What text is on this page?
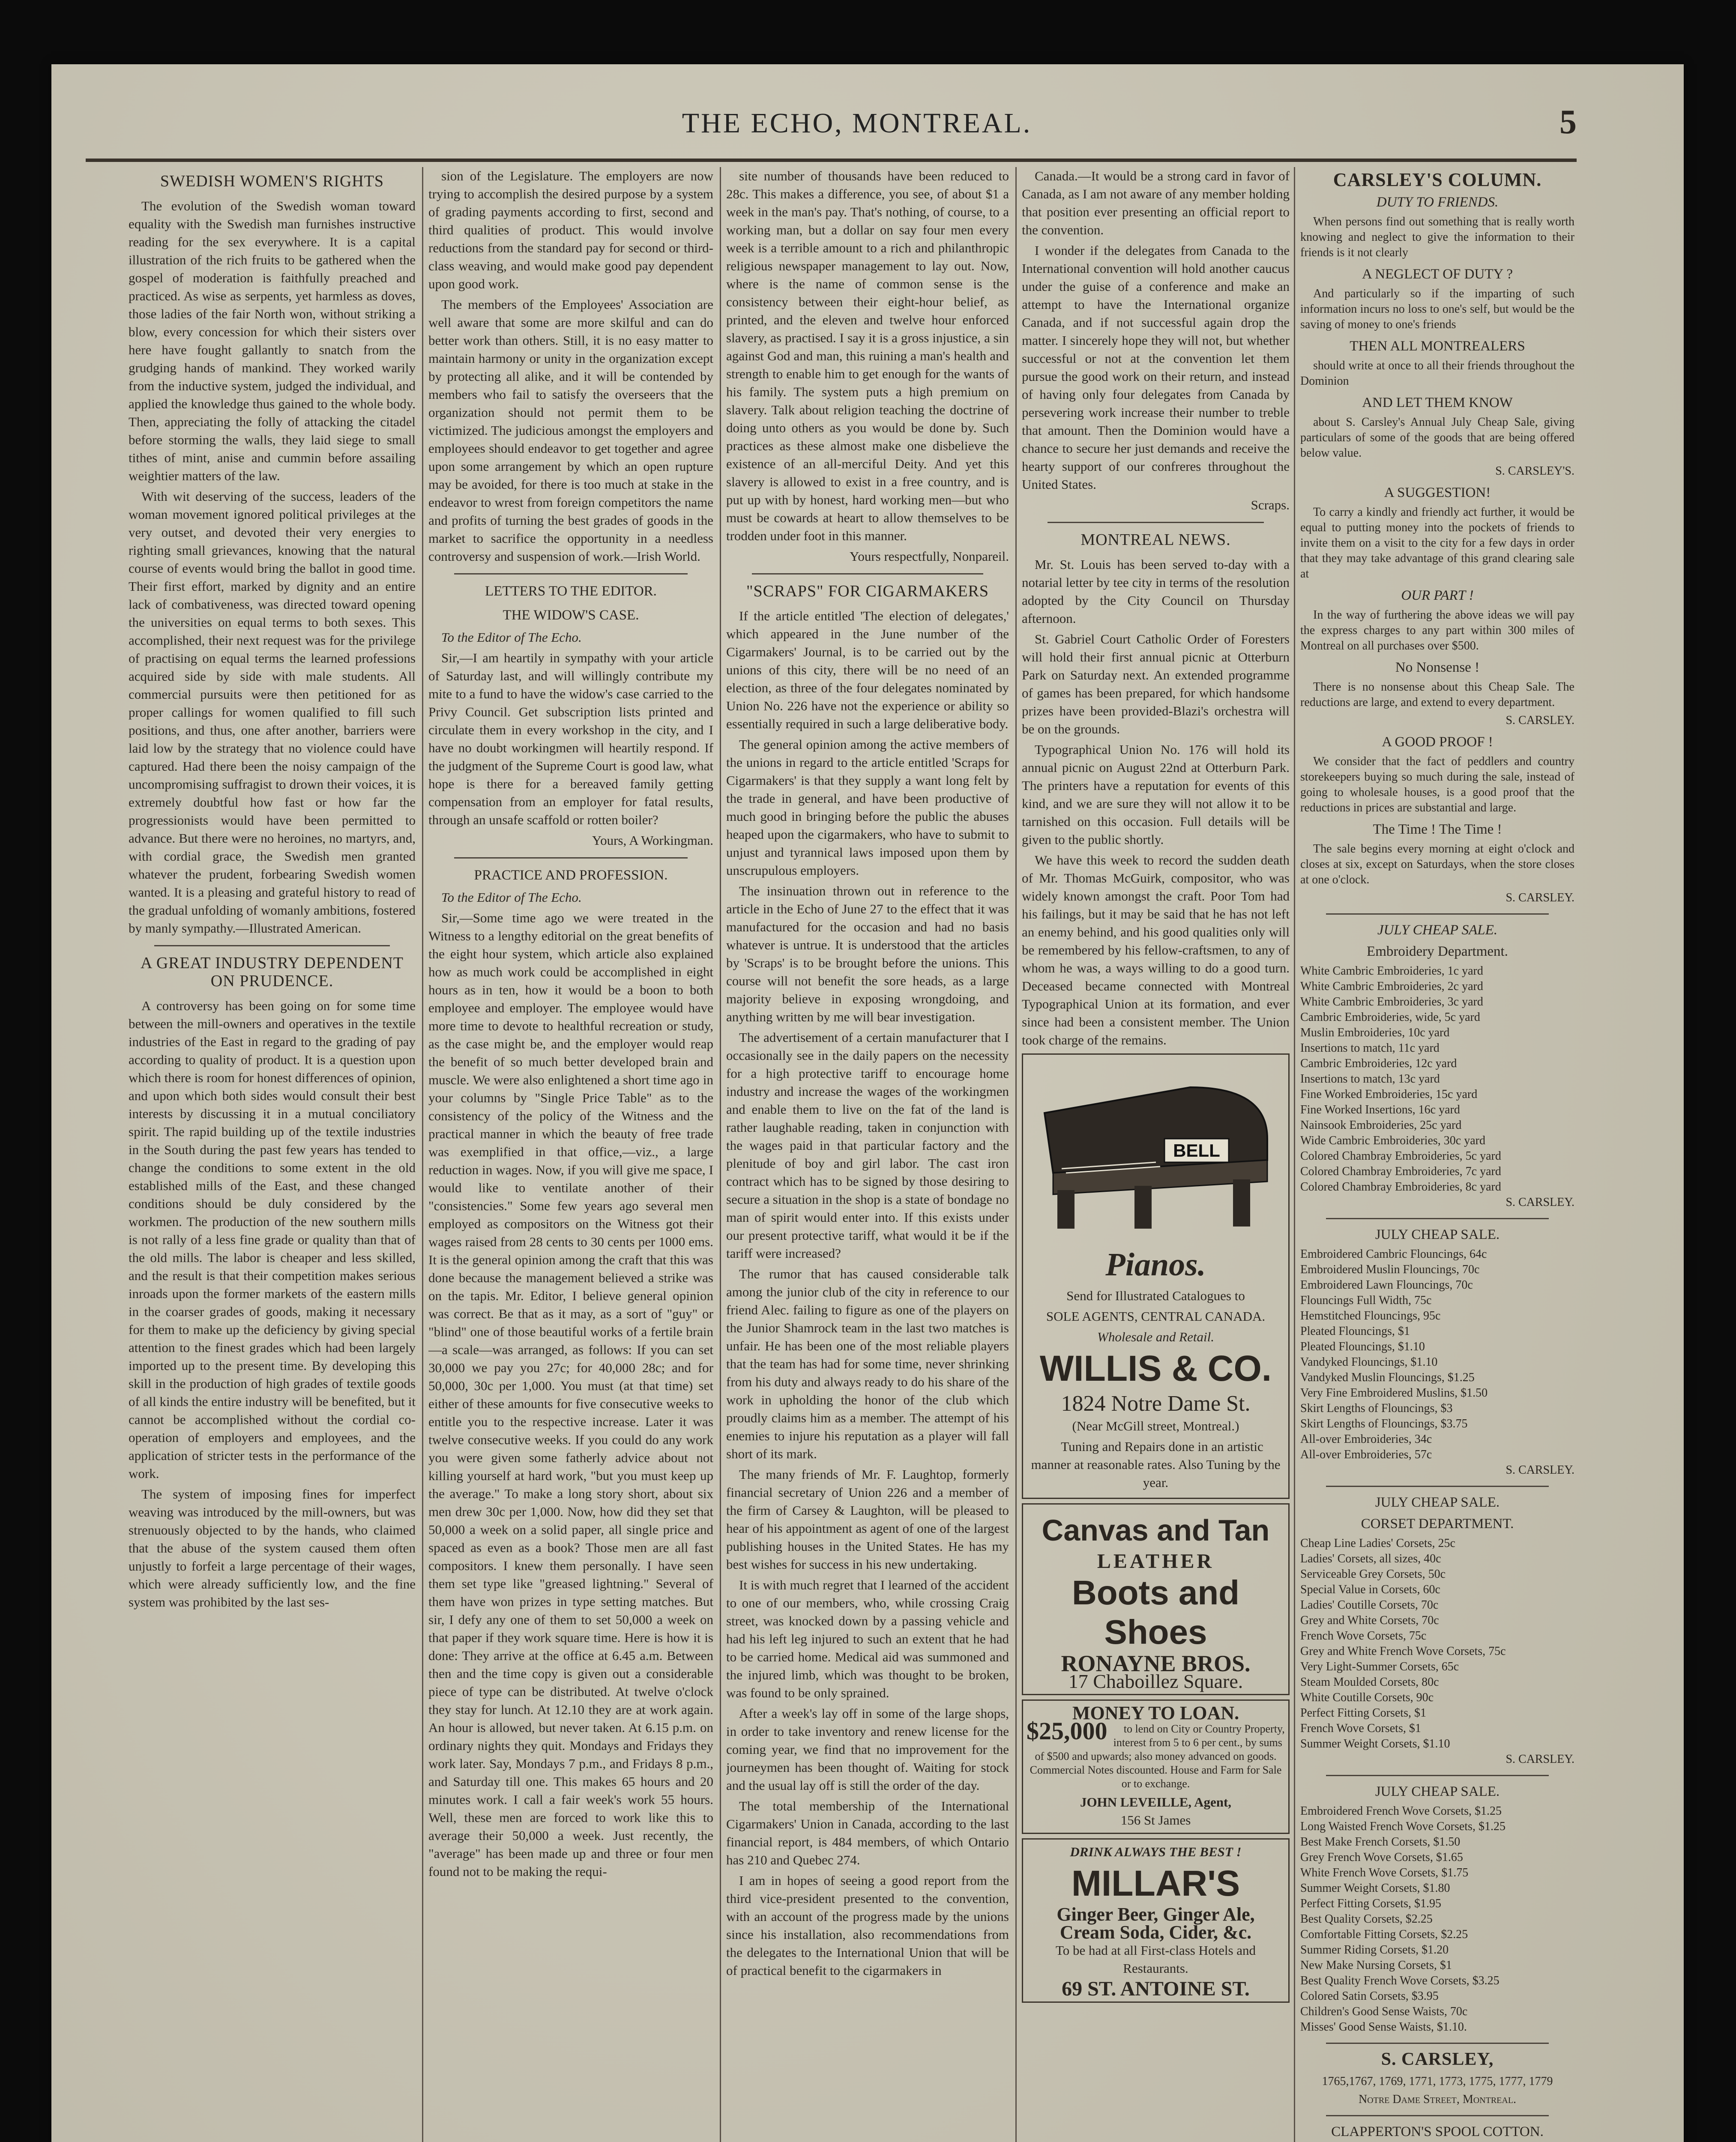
THE ECHO, MONTREAL.	5
SWEDISH WOMEN'S RIGHTS

The evolution of the Swedish woman toward equality with the Swedish man furnishes instructive reading for the sex everywhere. It is a capital illustration of the rich fruits to be gathered when the gospel of moderation is faithfully preached and practiced. As wise as serpents, yet harmless as doves, those ladies of the fair North won, without striking a blow, every concession for which their sisters over here have fought gallantly to snatch from the grudging hands of mankind. They worked warily from the inductive system, judged the individual, and applied the knowledge thus gained to the whole body. Then, appreciating the folly of attacking the citadel before storming the walls, they laid siege to small tithes of mint, anise and cummin before assailing weightier matters of the law.

With wit deserving of the success, leaders of the woman movement ignored political privileges at the very outset, and devoted their very energies to righting small grievances, knowing that the natural course of events would bring the ballot in good time. Their first effort, marked by dignity and an entire lack of combativeness, was directed toward opening the universities on equal terms to both sexes. This accomplished, their next request was for the privilege of practising on equal terms the learned professions acquired side by side with male students. All commercial pursuits were then petitioned for as proper callings for women qualified to fill such positions, and thus, one after another, barriers were laid low by the strategy that no violence could have captured. Had there been the noisy campaign of the uncompromising suffragist to drown their voices, it is extremely doubtful how fast or how far the progressionists would have been permitted to advance. But there were no heroines, no martyrs, and, with cordial grace, the Swedish men granted whatever the prudent, forbearing Swedish women wanted. It is a pleasing and grateful history to read of the gradual unfolding of womanly ambitions, fostered by manly sympathy.—Illustrated American.

A GREAT INDUSTRY DEPENDENT ON PRUDENCE.

A controversy has been going on for some time between the mill-owners and operatives in the textile industries of the East in regard to the grading of pay according to quality of product. It is a question upon which there is room for honest differences of opinion, and upon which both sides would consult their best interests by discussing it in a mutual conciliatory spirit. The rapid building up of the textile industries in the South during the past few years has tended to change the conditions to some extent in the old established mills of the East, and these changed conditions should be duly considered by the workmen. The production of the new southern mills is not rally of a less fine grade or quality than that of the old mills. The labor is cheaper and less skilled, and the result is that their competition makes serious inroads upon the former markets of the eastern mills in the coarser grades of goods, making it necessary for them to make up the deficiency by giving special attention to the finest grades which had been largely imported up to the present time. By developing this skill in the production of high grades of textile goods of all kinds the entire industry will be benefited, but it cannot be accomplished without the cordial co-operation of employers and employees, and the application of stricter tests in the performance of the work.

The system of imposing fines for imperfect weaving was introduced by the mill-owners, but was strenuously objected to by the hands, who claimed that the abuse of the system caused them often unjustly to forfeit a large percentage of their wages, which were already sufficiently low, and the fine system was prohibited by the last ses-

sion of the Legislature. The employers are now trying to accomplish the desired purpose by a system of grading payments according to first, second and third qualities of product. This would involve reductions from the standard pay for second or third-class weaving, and would make good pay dependent upon good work.

The members of the Employees' Association are well aware that some are more skilful and can do better work than others. Still, it is no easy matter to maintain harmony or unity in the organization except by protecting all alike, and it will be contended by members who fail to satisfy the overseers that the organization should not permit them to be victimized. The judicious amongst the employers and employees should endeavor to get together and agree upon some arrangement by which an open rupture may be avoided, for there is too much at stake in the endeavor to wrest from foreign competitors the name and profits of turning the best grades of goods in the market to sacrifice the opportunity in a needless controversy and suspension of work.—Irish World.

LETTERS TO THE EDITOR.
THE WIDOW'S CASE.

To the Editor of The Echo.

Sir,—I am heartily in sympathy with your article of Saturday last, and will willingly contribute my mite to a fund to have the widow's case carried to the Privy Council. Get subscription lists printed and circulate them in every workshop in the city, and I have no doubt workingmen will heartily respond. If the judgment of the Supreme Court is good law, what hope is there for a bereaved family getting compensation from an employer for fatal results, through an unsafe scaffold or rotten boiler?

Yours, A Workingman.

PRACTICE AND PROFESSION.

To the Editor of The Echo.

Sir,—Some time ago we were treated in the Witness to a lengthy editorial on the great benefits of the eight hour system, which article also explained how as much work could be accomplished in eight hours as in ten, how it would be a boon to both employee and employer. The employee would have more time to devote to healthful recreation or study, as the case might be, and the employer would reap the benefit of so much better developed brain and muscle. We were also enlightened a short time ago in your columns by "Single Price Table" as to the consistency of the policy of the Witness and the practical manner in which the beauty of free trade was exemplified in that office,—viz., a large reduction in wages. Now, if you will give me space, I would like to ventilate another of their "consistencies." Some few years ago several men employed as compositors on the Witness got their wages raised from 28 cents to 30 cents per 1000 ems. It is the general opinion among the craft that this was done because the management believed a strike was on the tapis. Mr. Editor, I believe general opinion was correct. Be that as it may, as a sort of "guy" or "blind" one of those beautiful works of a fertile brain—a scale—was arranged, as follows: If you can set 30,000 we pay you 27c; for 40,000 28c; and for 50,000, 30c per 1,000. You must (at that time) set either of these amounts for five consecutive weeks to entitle you to the respective increase. Later it was twelve consecutive weeks. If you could do any work you were given some fatherly advice about not killing yourself at hard work, "but you must keep up the average." To make a long story short, about six men drew 30c per 1,000. Now, how did they set that 50,000 a week on a solid paper, all single price and spaced as even as a book? Those men are all fast compositors. I knew them personally. I have seen them set type like "greased lightning." Several of them have won prizes in type setting matches. But sir, I defy any one of them to set 50,000 a week on that paper if they work square time. Here is how it is done: They arrive at the office at 6.45 a.m. Between then and the time copy is given out a considerable piece of type can be distributed. At twelve o'clock they stay for lunch. At 12.10 they are at work again. An hour is allowed, but never taken. At 6.15 p.m. on ordinary nights they quit. Mondays and Fridays they work later. Say, Mondays 7 p.m., and Fridays 8 p.m., and Saturday till one. This makes 65 hours and 20 minutes work. I call a fair week's work 55 hours. Well, these men are forced to work like this to average their 50,000 a week. Just recently, the "average" has been made up and three or four men found not to be making the requi-

site number of thousands have been reduced to 28c. This makes a difference, you see, of about $1 a week in the man's pay. That's nothing, of course, to a working man, but a dollar on say four men every week is a terrible amount to a rich and philanthropic religious newspaper management to lay out. Now, where is the name of common sense is the consistency between their eight-hour belief, as printed, and the eleven and twelve hour enforced slavery, as practised. I say it is a gross injustice, a sin against God and man, this ruining a man's health and strength to enable him to get enough for the wants of his family. The system puts a high premium on slavery. Talk about religion teaching the doctrine of doing unto others as you would be done by. Such practices as these almost make one disbelieve the existence of an all-merciful Deity. And yet this slavery is allowed to exist in a free country, and is put up with by honest, hard working men—but who must be cowards at heart to allow themselves to be trodden under foot in this manner.

Yours respectfully, Nonpareil.

"SCRAPS" FOR CIGARMAKERS

If the article entitled 'The election of delegates,' which appeared in the June number of the Cigarmakers' Journal, is to be carried out by the unions of this city, there will be no need of an election, as three of the four delegates nominated by Union No. 226 have not the experience or ability so essentially required in such a large deliberative body.

The general opinion among the active members of the unions in regard to the article entitled 'Scraps for Cigarmakers' is that they supply a want long felt by the trade in general, and have been productive of much good in bringing before the public the abuses heaped upon the cigarmakers, who have to submit to unjust and tyrannical laws imposed upon them by unscrupulous employers.

The insinuation thrown out in reference to the article in the Echo of June 27 to the effect that it was manufactured for the occasion and had no basis whatever is untrue. It is understood that the articles by 'Scraps' is to be brought before the unions. This course will not benefit the sore heads, as a large majority believe in exposing wrongdoing, and anything written by me will bear investigation.

The advertisement of a certain manufacturer that I occasionally see in the daily papers on the necessity for a high protective tariff to encourage home industry and increase the wages of the workingmen and enable them to live on the fat of the land is rather laughable reading, taken in conjunction with the wages paid in that particular factory and the plenitude of boy and girl labor. The cast iron contract which has to be signed by those desiring to secure a situation in the shop is a state of bondage no man of spirit would enter into. If this exists under our present protective tariff, what would it be if the tariff were increased?

The rumor that has caused considerable talk among the junior club of the city in reference to our friend Alec. failing to figure as one of the players on the Junior Shamrock team in the last two matches is unfair. He has been one of the most reliable players that the team has had for some time, never shrinking from his duty and always ready to do his share of the work in upholding the honor of the club which proudly claims him as a member. The attempt of his enemies to injure his reputation as a player will fall short of its mark.

The many friends of Mr. F. Laughtop, formerly financial secretary of Union 226 and a member of the firm of Carsey & Laughton, will be pleased to hear of his appointment as agent of one of the largest publishing houses in the United States. He has my best wishes for success in his new undertaking.

It is with much regret that I learned of the accident to one of our members, who, while crossing Craig street, was knocked down by a passing vehicle and had his left leg injured to such an extent that he had to be carried home. Medical aid was summoned and the injured limb, which was thought to be broken, was found to be only sprained.

After a week's lay off in some of the large shops, in order to take inventory and renew license for the coming year, we find that no improvement for the journeymen has been thought of. Waiting for stock and the usual lay off is still the order of the day.

The total membership of the International Cigarmakers' Union in Canada, according to the last financial report, is 484 members, of which Ontario has 210 and Quebec 274.

I am in hopes of seeing a good report from the third vice-president presented to the convention, with an account of the progress made by the unions since his installation, also recommendations from the delegates to the International Union that will be of practical benefit to the cigarmakers in

Canada.—It would be a strong card in favor of Canada, as I am not aware of any member holding that position ever presenting an official report to the convention.

I wonder if the delegates from Canada to the International convention will hold another caucus under the guise of a conference and make an attempt to have the International organize Canada, and if not successful again drop the matter. I sincerely hope they will not, but whether successful or not at the convention let them pursue the good work on their return, and instead of having only four delegates from Canada by persevering work increase their number to treble that amount. Then the Dominion would have a chance to secure her just demands and receive the hearty support of our confreres throughout the United States.

Scraps.

MONTREAL NEWS.

Mr. St. Louis has been served to-day with a notarial letter by tee city in terms of the resolution adopted by the City Council on Thursday afternoon.

St. Gabriel Court Catholic Order of Foresters will hold their first annual picnic at Otterburn Park on Saturday next. An extended programme of games has been prepared, for which handsome prizes have been provided-Blazi's orchestra will be on the grounds.

Typographical Union No. 176 will hold its annual picnic on August 22nd at Otterburn Park. The printers have a reputation for events of this kind, and we are sure they will not allow it to be tarnished on this occasion. Full details will be given to the public shortly.

We have this week to record the sudden death of Mr. Thomas McGuirk, compositor, who was widely known amongst the craft. Poor Tom had his failings, but it may be said that he has not left an enemy behind, and his good qualities only will be remembered by his fellow-craftsmen, to any of whom he was, a ways willing to do a good turn. Deceased became connected with Montreal Typographical Union at its formation, and ever since had been a consistent member. The Union took charge of the remains.

BELL
Pianos.

Send for Illustrated Catalogues to

SOLE AGENTS, CENTRAL CANADA.

Wholesale and Retail.

WILLIS & CO.
1824 Notre Dame St.

(Near McGill street, Montreal.)

Tuning and Repairs done in an artistic manner at reasonable rates. Also Tuning by the year.

Canvas and Tan
LEATHER
Boots and Shoes
RONAYNE BROS.
17 Chaboillez Square.
MONEY TO LOAN.
$25,000	to lend on City or Country Property, interest from 5 to 6 per cent., by sums of $500 and upwards; also money advanced on goods. Commercial Notes discounted. House and Farm for Sale or to exchange.

JOHN LEVEILLE, Agent,
156 St James
DRINK ALWAYS THE BEST !
MILLAR'S
Ginger Beer, Ginger Ale,
Cream Soda, Cider, &c.

To be had at all First-class Hotels and Restaurants.

69 ST. ANTOINE ST.
CARSLEY'S COLUMN.
DUTY TO FRIENDS.

When persons find out something that is really worth knowing and neglect to give the information to their friends is it not clearly

A NEGLECT OF DUTY ?

And particularly so if the imparting of such information incurs no loss to one's self, but would be the saving of money to one's friends

THEN ALL MONTREALERS

should write at once to all their friends throughout the Dominion

AND LET THEM KNOW

about S. Carsley's Annual July Cheap Sale, giving particulars of some of the goods that are being offered below value.

S. CARSLEY'S.

A SUGGESTION!

To carry a kindly and friendly act further, it would be equal to putting money into the pockets of friends to invite them on a visit to the city for a few days in order that they may take advantage of this grand clearing sale at

OUR PART !

In the way of furthering the above ideas we will pay the express charges to any part within 300 miles of Montreal on all purchases over $500.

No Nonsense !

There is no nonsense about this Cheap Sale. The reductions are large, and extend to every department.

S. CARSLEY.

A GOOD PROOF !

We consider that the fact of peddlers and country storekeepers buying so much during the sale, instead of going to wholesale houses, is a good proof that the reductions in prices are substantial and large.

The Time ! The Time !

The sale begins every morning at eight o'clock and closes at six, except on Saturdays, when the store closes at one o'clock.

S. CARSLEY.

JULY CHEAP SALE.
Embroidery Department.
White Cambric Embroideries, 1c yard
White Cambric Embroideries, 2c yard
White Cambric Embroideries, 3c yard
Cambric Embroideries, wide, 5c yard
Muslin Embroideries, 10c yard
Insertions to match, 11c yard
Cambric Embroideries, 12c yard
Insertions to match, 13c yard
Fine Worked Embroideries, 15c yard
Fine Worked Insertions, 16c yard
Nainsook Embroideries, 25c yard
Wide Cambric Embroideries, 30c yard
Colored Chambray Embroideries, 5c yard
Colored Chambray Embroideries, 7c yard
Colored Chambray Embroideries, 8c yard

S. CARSLEY.

JULY CHEAP SALE.
Embroidered Cambric Flouncings, 64c
Embroidered Muslin Flouncings, 70c
Embroidered Lawn Flouncings, 70c
Flouncings Full Width, 75c
Hemstitched Flouncings, 95c
Pleated Flouncings, $1
Pleated Flouncings, $1.10
Vandyked Flouncings, $1.10
Vandyked Muslin Flouncings, $1.25
Very Fine Embroidered Muslins, $1.50
Skirt Lengths of Flouncings, $3
Skirt Lengths of Flouncings, $3.75
All-over Embroideries, 34c
All-over Embroideries, 57c

S. CARSLEY.

JULY CHEAP SALE.
CORSET DEPARTMENT.
Cheap Line Ladies' Corsets, 25c
Ladies' Corsets, all sizes, 40c
Serviceable Grey Corsets, 50c
Special Value in Corsets, 60c
Ladies' Coutille Corsets, 70c
Grey and White Corsets, 70c
French Wove Corsets, 75c
Grey and White French Wove Corsets, 75c
Very Light-Summer Corsets, 65c
Steam Moulded Corsets, 80c
White Coutille Corsets, 90c
Perfect Fitting Corsets, $1
French Wove Corsets, $1
Summer Weight Corsets, $1.10

S. CARSLEY.

JULY CHEAP SALE.
Embroidered French Wove Corsets, $1.25
Long Waisted French Wove Corsets, $1.25
Best Make French Corsets, $1.50
Grey French Wove Corsets, $1.65
White French Wove Corsets, $1.75
Summer Weight Corsets, $1.80
Perfect Fitting Corsets, $1.95
Best Quality Corsets, $2.25
Comfortable Fitting Corsets, $2.25
Summer Riding Corsets, $1.20
New Make Nursing Corsets, $1
Best Quality French Wove Corsets, $3.25
Colored Satin Corsets, $3.95
Children's Good Sense Waists, 70c
Misses' Good Sense Waists, $1.10.
S. CARSLEY,

1765,1767, 1769, 1771, 1773, 1775, 1777, 1779

Notre Dame Street, Montreal.

CLAPPERTON'S SPOOL COTTON.
